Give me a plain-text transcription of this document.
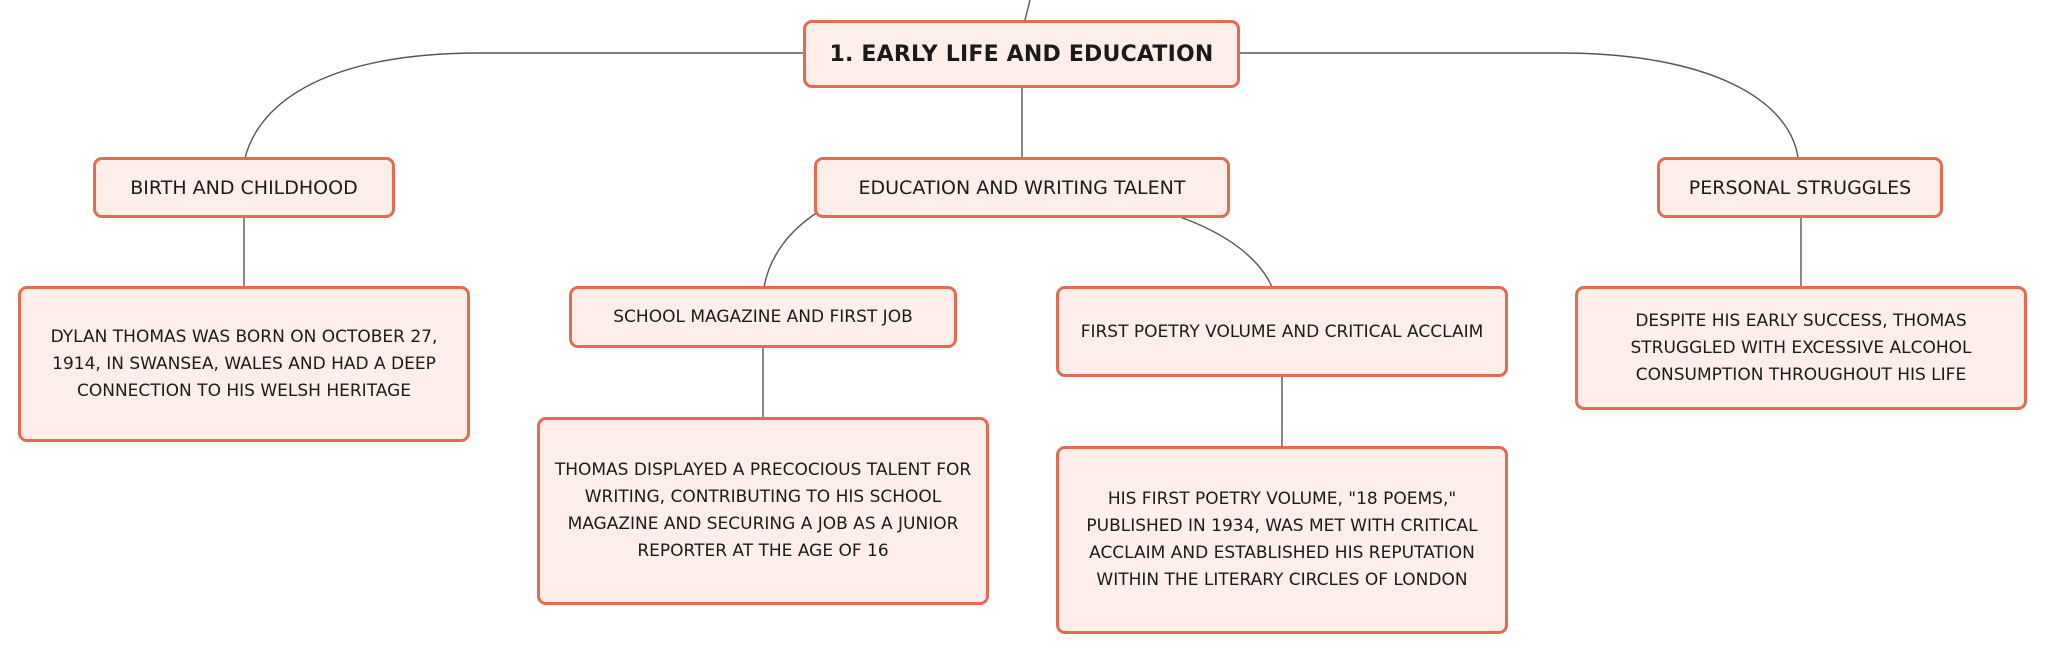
1. EARLY LIFE AND EDUCATION
BIRTH AND CHILDHOOD
DYLAN THOMAS WAS BORN ON OCTOBER 27, 1914, IN SWANSEA, WALES AND HAD A DEEP CONNECTION TO HIS WELSH HERITAGE
EDUCATION AND WRITING TALENT
SCHOOL MAGAZINE AND FIRST JOB
THOMAS DISPLAYED A PRECOCIOUS TALENT FOR WRITING, CONTRIBUTING TO HIS SCHOOL MAGAZINE AND SECURING A JOB AS A JUNIOR REPORTER AT THE AGE OF 16
FIRST POETRY VOLUME AND CRITICAL ACCLAIM
HIS FIRST POETRY VOLUME, "18 POEMS," PUBLISHED IN 1934, WAS MET WITH CRITICAL ACCLAIM AND ESTABLISHED HIS REPUTATION WITHIN THE LITERARY CIRCLES OF LONDON
PERSONAL STRUGGLES
DESPITE HIS EARLY SUCCESS, THOMAS STRUGGLED WITH EXCESSIVE ALCOHOL CONSUMPTION THROUGHOUT HIS LIFE
